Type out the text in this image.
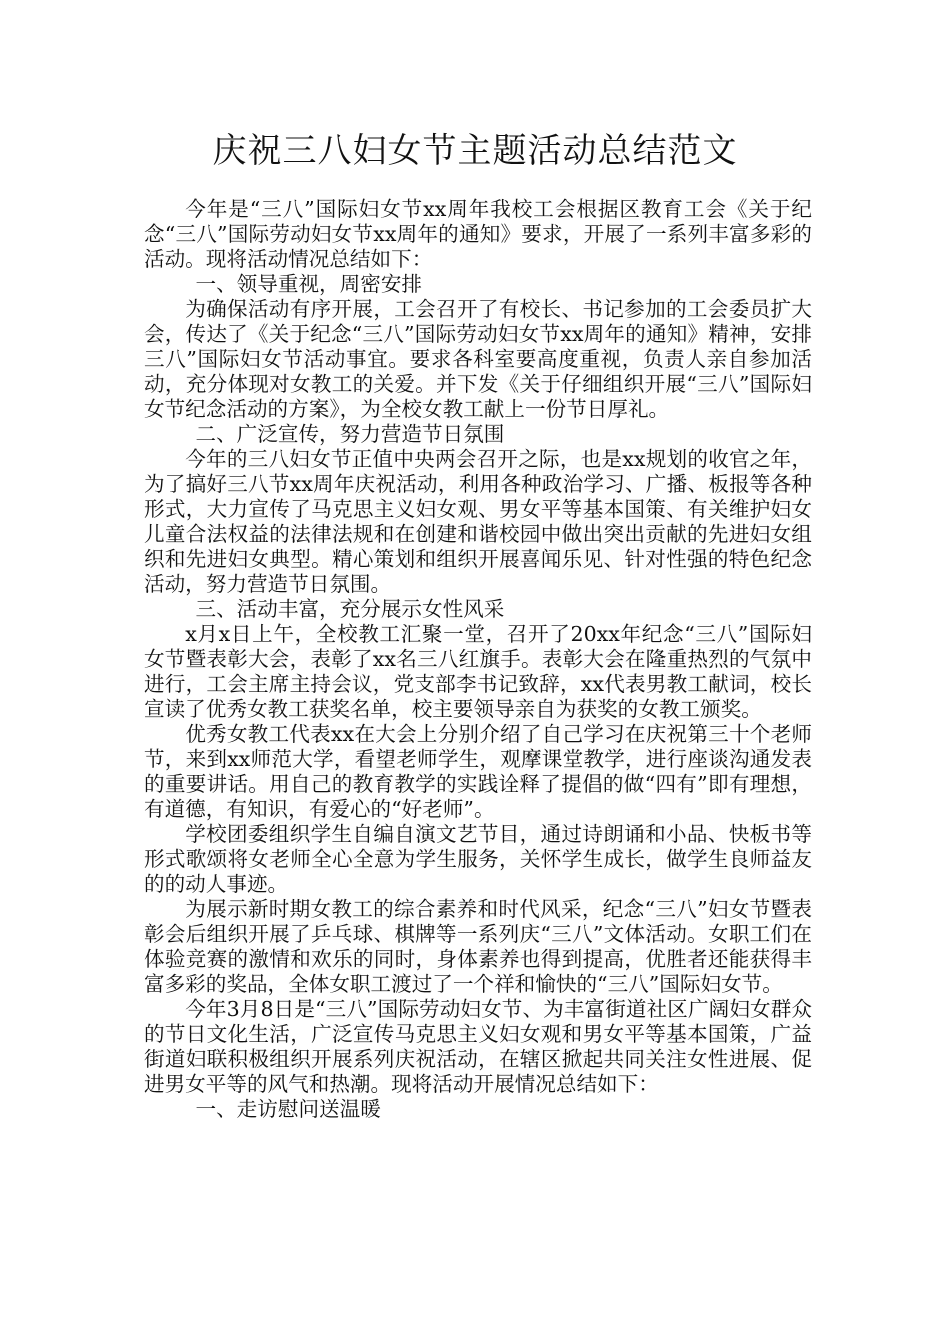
庆祝三八妇女节主题活动总结范文

今年是“三八”国际妇女节xx周年我校工会根据区教育工会《关于纪念“三八”国际劳动妇女节xx周年的通知》要求，开展了一系列丰富多彩的活动。现将活动情况总结如下：

一、领导重视，周密安排

为确保活动有序开展，工会召开了有校长、书记参加的工会委员扩大会，传达了《关于纪念“三八”国际劳动妇女节xx周年的通知》精神，安排三八”国际妇女节活动事宜。要求各科室要高度重视，负责人亲自参加活动，充分体现对女教工的关爱。并下发《关于仔细组织开展“三八”国际妇女节纪念活动的方案》，为全校女教工献上一份节日厚礼。

二、广泛宣传，努力营造节日氛围

今年的三八妇女节正值中央两会召开之际，也是xx规划的收官之年，为了搞好三八节xx周年庆祝活动，利用各种政治学习、广播、板报等各种形式，大力宣传了马克思主义妇女观、男女平等基本国策、有关维护妇女儿童合法权益的法律法规和在创建和谐校园中做出突出贡献的先进妇女组织和先进妇女典型。精心策划和组织开展喜闻乐见、针对性强的特色纪念活动，努力营造节日氛围。

三、活动丰富，充分展示女性风采

x月x日上午，全校教工汇聚一堂，召开了20xx年纪念“三八”国际妇女节暨表彰大会，表彰了xx名三八红旗手。表彰大会在隆重热烈的气氛中进行，工会主席主持会议，党支部李书记致辞，xx代表男教工献词，校长宣读了优秀女教工获奖名单，校主要领导亲自为获奖的女教工颁奖。

优秀女教工代表xx在大会上分别介绍了自己学习在庆祝第三十个老师节，来到xx师范大学，看望老师学生，观摩课堂教学，进行座谈沟通发表的重要讲话。用自己的教育教学的实践诠释了提倡的做“四有”即有理想，有道德，有知识，有爱心的“好老师”。

学校团委组织学生自编自演文艺节目，通过诗朗诵和小品、快板书等形式歌颂将女老师全心全意为学生服务，关怀学生成长，做学生良师益友的的动人事迹。

为展示新时期女教工的综合素养和时代风采，纪念“三八”妇女节暨表彰会后组织开展了乒乓球、棋牌等一系列庆“三八”文体活动。女职工们在体验竞赛的激情和欢乐的同时，身体素养也得到提高，优胜者还能获得丰富多彩的奖品，全体女职工渡过了一个祥和愉快的“三八”国际妇女节。

今年3月8日是“三八”国际劳动妇女节、为丰富街道社区广阔妇女群众的节日文化生活，广泛宣传马克思主义妇女观和男女平等基本国策，广益街道妇联积极组织开展系列庆祝活动，在辖区掀起共同关注女性进展、促进男女平等的风气和热潮。现将活动开展情况总结如下：

一、走访慰问送温暖
